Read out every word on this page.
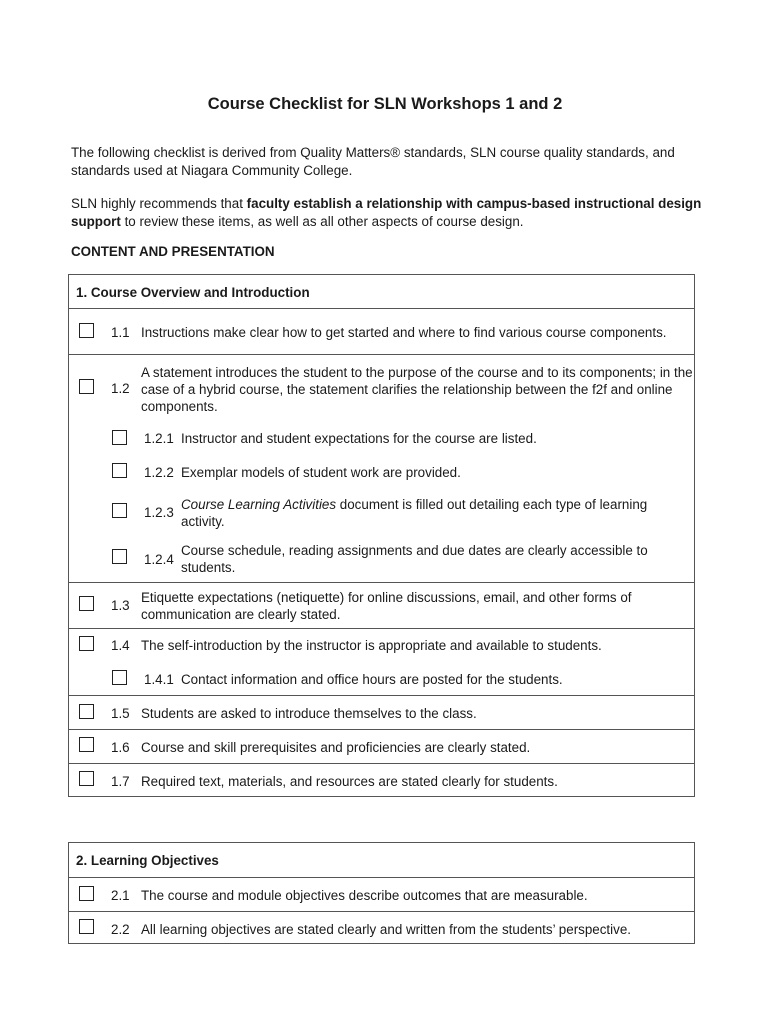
Course Checklist for SLN Workshops 1 and 2

The following checklist is derived from Quality Matters® standards, SLN course quality standards, and standards used at Niagara Community College.

SLN highly recommends that faculty establish a relationship with campus-based instructional design support to review these items, as well as all other aspects of course design.

CONTENT AND PRESENTATION
1. Course Overview and Introduction
1.1 Instructions make clear how to get started and where to find various course components.
1.2
A statement introduces the student to the purpose of the course and to its components; in the case of a hybrid course, the statement clarifies the relationship between the f2f and online components.
1.2.1 Instructor and student expectations for the course are listed.
1.2.2 Exemplar models of student work are provided.
1.2.3
Course Learning Activities document is filled out detailing each type of learning activity.
1.2.4
Course schedule, reading assignments and due dates are clearly accessible to students.
1.3
Etiquette expectations (netiquette) for online discussions, email, and other forms of communication are clearly stated.
1.4 The self-introduction by the instructor is appropriate and available to students.
1.4.1 Contact information and office hours are posted for the students.
1.5 Students are asked to introduce themselves to the class.
1.6 Course and skill prerequisites and proficiencies are clearly stated.
1.7 Required text, materials, and resources are stated clearly for students.
2. Learning Objectives
2.1 The course and module objectives describe outcomes that are measurable.
2.2 All learning objectives are stated clearly and written from the students’ perspective.
